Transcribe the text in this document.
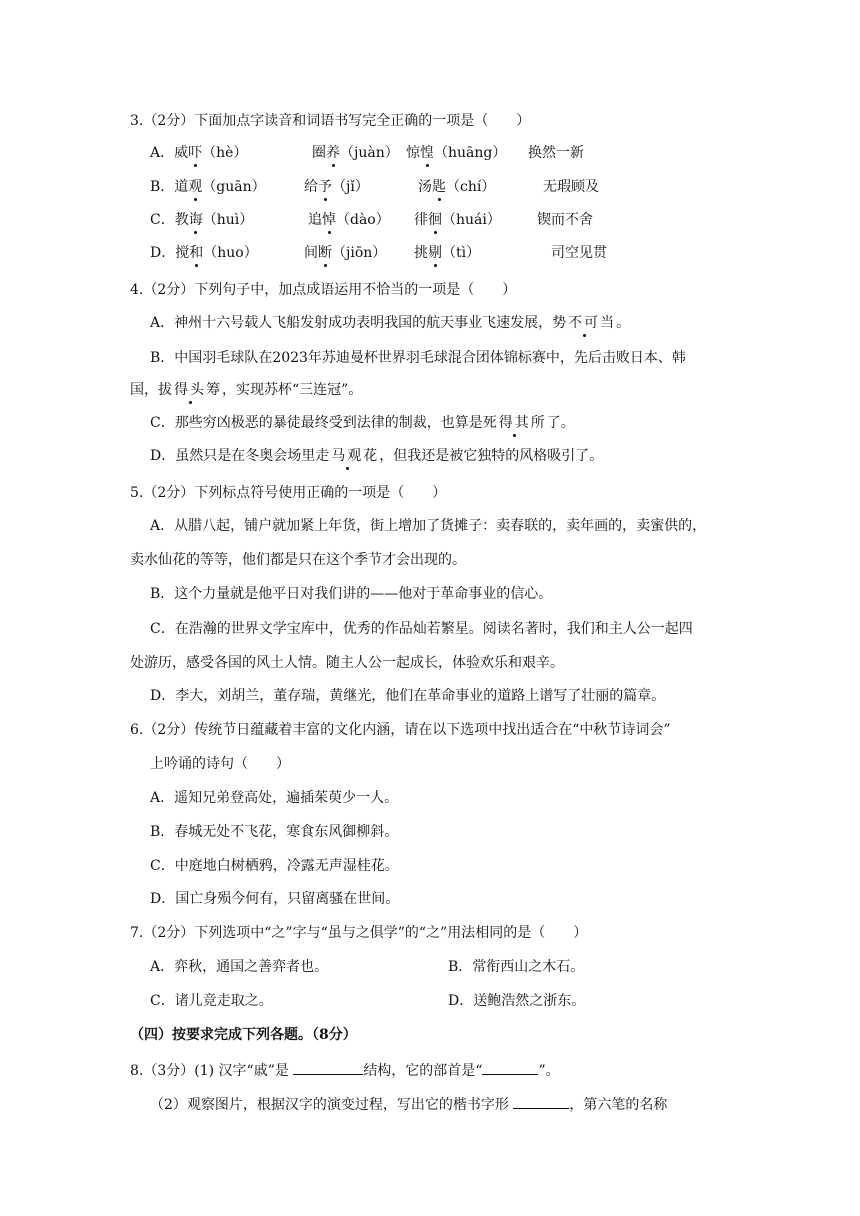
3.（2分）下面加点字读音和词语书写完全正确的一项是（　　）
A．威吓（hè）	圈养（juàn） 惊惶（huāng） 换然一新
B．道观（guān）	给予（jǐ）	汤匙（chí）	无瑕顾及
C．教诲（huì）	追悼（dào） 徘徊（huái）	锲而不舍
D．搅和（huo）	间断（jiōn） 挑剔（tì）	司空见贯
4.（2分）下列句子中，加点成语运用不恰当的一项是（　　）
A．神州十六号载人飞船发射成功表明我国的航天事业飞速发展，势不可当。
B．中国羽毛球队在2023年苏迪曼杯世界羽毛球混合团体锦标赛中，先后击败日本、韩
国，拔得头筹，实现苏杯“三连冠”。
C．那些穷凶极恶的暴徒最终受到法律的制裁，也算是死得其所了。
D．虽然只是在冬奥会场里走马观花，但我还是被它独特的风格吸引了。
5.（2分）下列标点符号使用正确的一项是（　　）
A．从腊八起，铺户就加紧上年货，街上增加了货摊子：卖春联的，卖年画的，卖蜜供的，
卖水仙花的等等，他们都是只在这个季节才会出现的。
B．这个力量就是他平日对我们讲的——他对于革命事业的信心。
C．在浩瀚的世界文学宝库中，优秀的作品灿若繁星。阅读名著时，我们和主人公一起四
处游历，感受各国的风土人情。随主人公一起成长，体验欢乐和艰辛。
D．李大，刘胡兰，董存瑞，黄继光，他们在革命事业的道路上谱写了壮丽的篇章。
6.（2分）传统节日蕴藏着丰富的文化内涵，请在以下选项中找出适合在“中秋节诗词会”
上吟诵的诗句（　　）
A．遥知兄弟登高处，遍插茱萸少一人。
B．春城无处不飞花，寒食东风御柳斜。
C．中庭地白树栖鸦，冷露无声湿桂花。
D．国亡身殒今何有，只留离骚在世间。
7.（2分）下列选项中“之”字与“虽与之俱学”的“之”用法相同的是（　　）
A．弈秋，通国之善弈者也。	B．常衔西山之木石。
C．诸儿竞走取之。	D．送鲍浩然之浙东。
（四）按要求完成下列各题。（8分）
8.（3分）(1) 汉字“戚”是	结构，它的部首是“	”。
（2）观察图片，根据汉字的演变过程，写出它的楷书字形	，第六笔的名称
